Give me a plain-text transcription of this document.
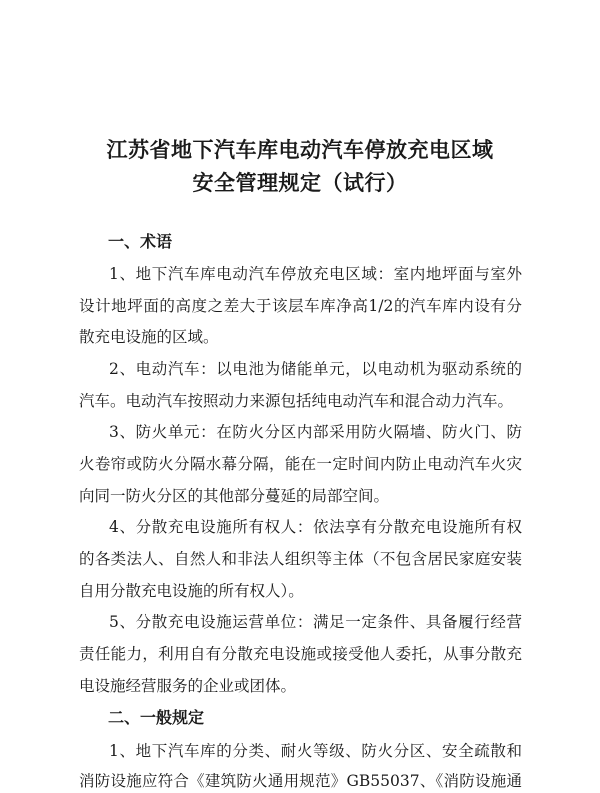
江苏省地下汽车库电动汽车停放充电区域
安全管理规定（试行）
一、术语
1、地下汽车库电动汽车停放充电区域：室内地坪面与室外
设计地坪面的高度之差大于该层车库净高1/2的汽车库内设有分
散充电设施的区域。
2、电动汽车：以电池为储能单元，以电动机为驱动系统的
汽车。电动汽车按照动力来源包括纯电动汽车和混合动力汽车。
3、防火单元：在防火分区内部采用防火隔墙、防火门、防
火卷帘或防火分隔水幕分隔，能在一定时间内防止电动汽车火灾
向同一防火分区的其他部分蔓延的局部空间。
4、分散充电设施所有权人：依法享有分散充电设施所有权
的各类法人、自然人和非法人组织等主体（不包含居民家庭安装
自用分散充电设施的所有权人）。
5、分散充电设施运营单位：满足一定条件、具备履行经营
责任能力，利用自有分散充电设施或接受他人委托，从事分散充
电设施经营服务的企业或团体。
二、一般规定
1、地下汽车库的分类、耐火等级、防火分区、安全疏散和
消防设施应符合《建筑防火通用规范》GB55037、《消防设施通
